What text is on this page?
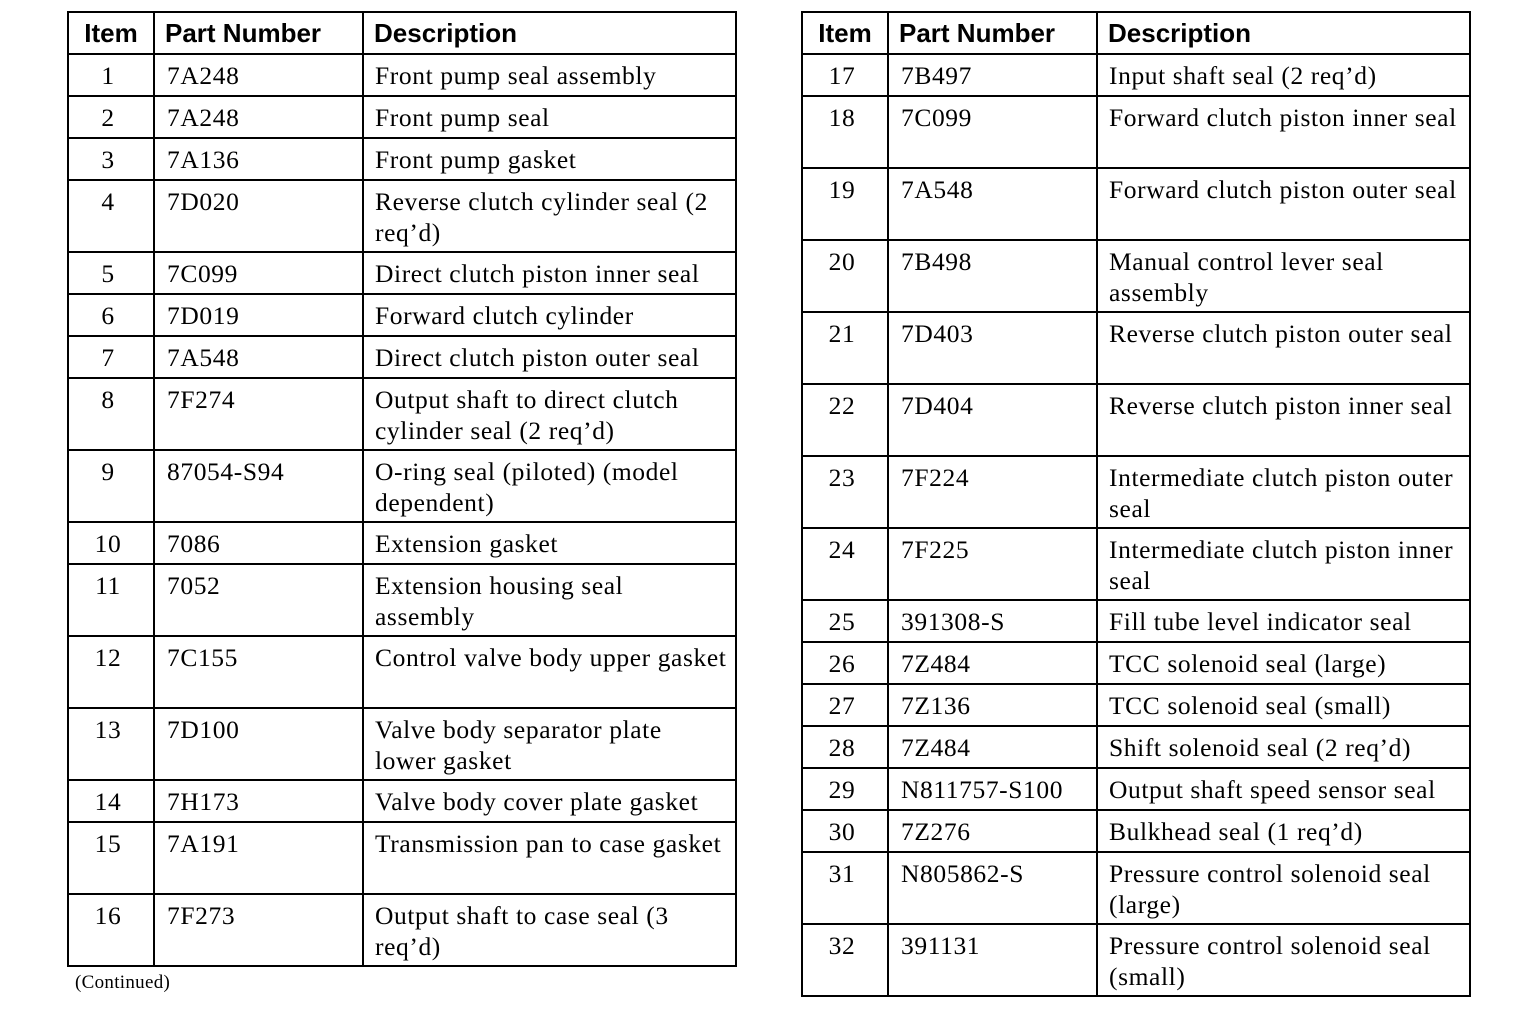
Item	Part Number	Description
1	7A248	Front pump seal assembly
2	7A248	Front pump seal
3	7A136	Front pump gasket
4	7D020	Reverse clutch cylinder seal (2 req’d)
5	7C099	Direct clutch piston inner seal
6	7D019	Forward clutch cylinder
7	7A548	Direct clutch piston outer seal
8	7F274	Output shaft to direct clutch cylinder seal (2 req’d)
9	87054-S94	O-ring seal (piloted) (model dependent)
10	7086	Extension gasket
11	7052	Extension housing seal assembly
12	7C155	Control valve body upper gasket
13	7D100	Valve body separator plate lower gasket
14	7H173	Valve body cover plate gasket
15	7A191	Transmission pan to case gasket
16	7F273	Output shaft to case seal (3 req’d)
(Continued)
Item	Part Number	Description
17	7B497	Input shaft seal (2 req’d)
18	7C099	Forward clutch piston inner seal
19	7A548	Forward clutch piston outer seal
20	7B498	Manual control lever seal assembly
21	7D403	Reverse clutch piston outer seal
22	7D404	Reverse clutch piston inner seal
23	7F224	Intermediate clutch piston outer seal
24	7F225	Intermediate clutch piston inner seal
25	391308-S	Fill tube level indicator seal
26	7Z484	TCC solenoid seal (large)
27	7Z136	TCC solenoid seal (small)
28	7Z484	Shift solenoid seal (2 req’d)
29	N811757-S100	Output shaft speed sensor seal
30	7Z276	Bulkhead seal (1 req’d)
31	N805862-S	Pressure control solenoid seal (large)
32	391131	Pressure control solenoid seal (small)
